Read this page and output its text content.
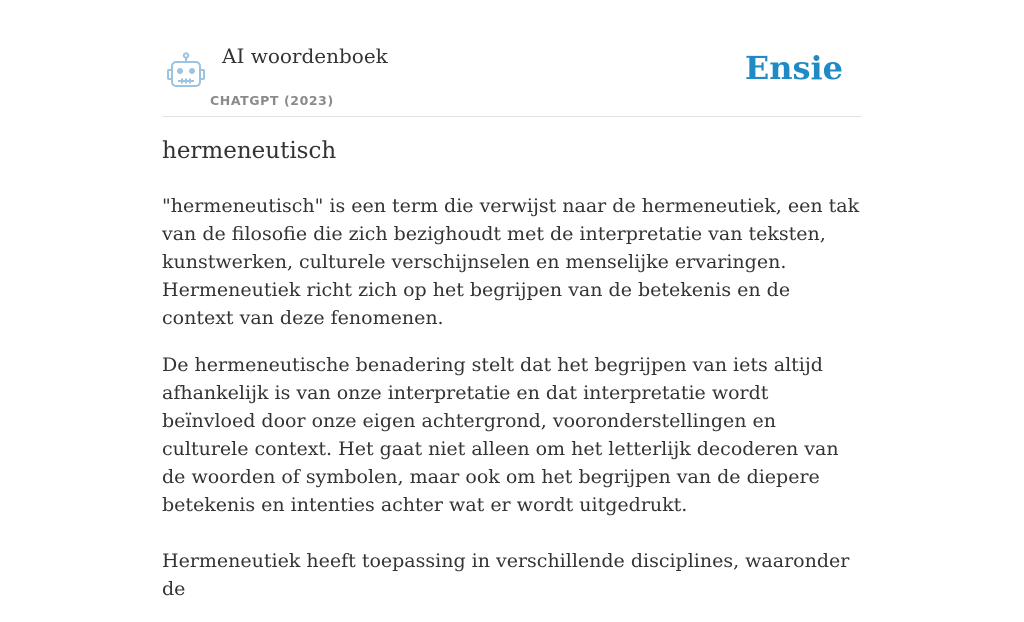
AI woordenboek
CHATGPT (2023)
Ensie
hermeneutisch

"hermeneutisch" is een term die verwijst naar de hermeneutiek, een tak van de filosofie die zich bezighoudt met de interpretatie van teksten, kunstwerken, culturele verschijnselen en menselijke ervaringen. Hermeneutiek richt zich op het begrijpen van de betekenis en de context van deze fenomenen.

De hermeneutische benadering stelt dat het begrijpen van iets altijd afhankelijk is van onze interpretatie en dat interpretatie wordt beïnvloed door onze eigen achtergrond, vooronderstellingen en culturele context. Het gaat niet alleen om het letterlijk decoderen van de woorden of symbolen, maar ook om het begrijpen van de diepere betekenis en intenties achter wat er wordt uitgedrukt.

Hermeneutiek heeft toepassing in verschillende disciplines, waaronder de
